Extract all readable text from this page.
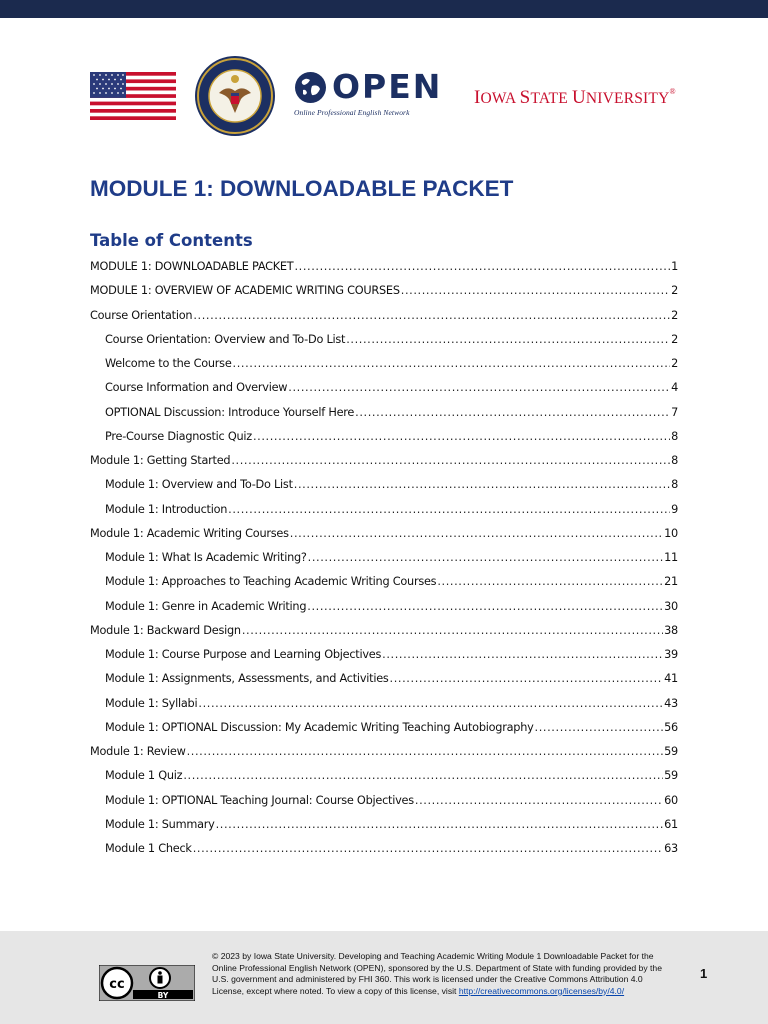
OPEN
Online Professional English Network
IOWA STATE UNIVERSITY®
MODULE 1: DOWNLOADABLE PACKET
Table of Contents
MODULE 1: DOWNLOADABLE PACKET .....	1
MODULE 1: OVERVIEW OF ACADEMIC WRITING COURSES .....	2
Course Orientation .....	2
Course Orientation: Overview and To-Do List .....	2
Welcome to the Course .....	2
Course Information and Overview .....	4
OPTIONAL Discussion: Introduce Yourself Here .....	7
Pre-Course Diagnostic Quiz .....	8
Module 1: Getting Started .....	8
Module 1: Overview and To-Do List .....	8
Module 1: Introduction .....	9
Module 1: Academic Writing Courses .....	10
Module 1: What Is Academic Writing? .....	11
Module 1: Approaches to Teaching Academic Writing Courses .....	21
Module 1: Genre in Academic Writing .....	30
Module 1: Backward Design .....	38
Module 1: Course Purpose and Learning Objectives .....	39
Module 1: Assignments, Assessments, and Activities .....	41
Module 1: Syllabi .....	43
Module 1: OPTIONAL Discussion: My Academic Writing Teaching Autobiography .....	56
Module 1: Review .....	59
Module 1 Quiz .....	59
Module 1: OPTIONAL Teaching Journal: Course Objectives .....	60
Module 1: Summary .....	61
Module 1 Check .....	63
cc
BY
© 2023 by Iowa State University. Developing and Teaching Academic Writing Module 1 Downloadable Packet for the Online Professional English Network (OPEN), sponsored by the U.S. Department of State with funding provided by the U.S. government and administered by FHI 360. This work is licensed under the Creative Commons Attribution 4.0 License, except where noted. To view a copy of this license, visit http://creativecommons.org/licenses/by/4.0/
1
